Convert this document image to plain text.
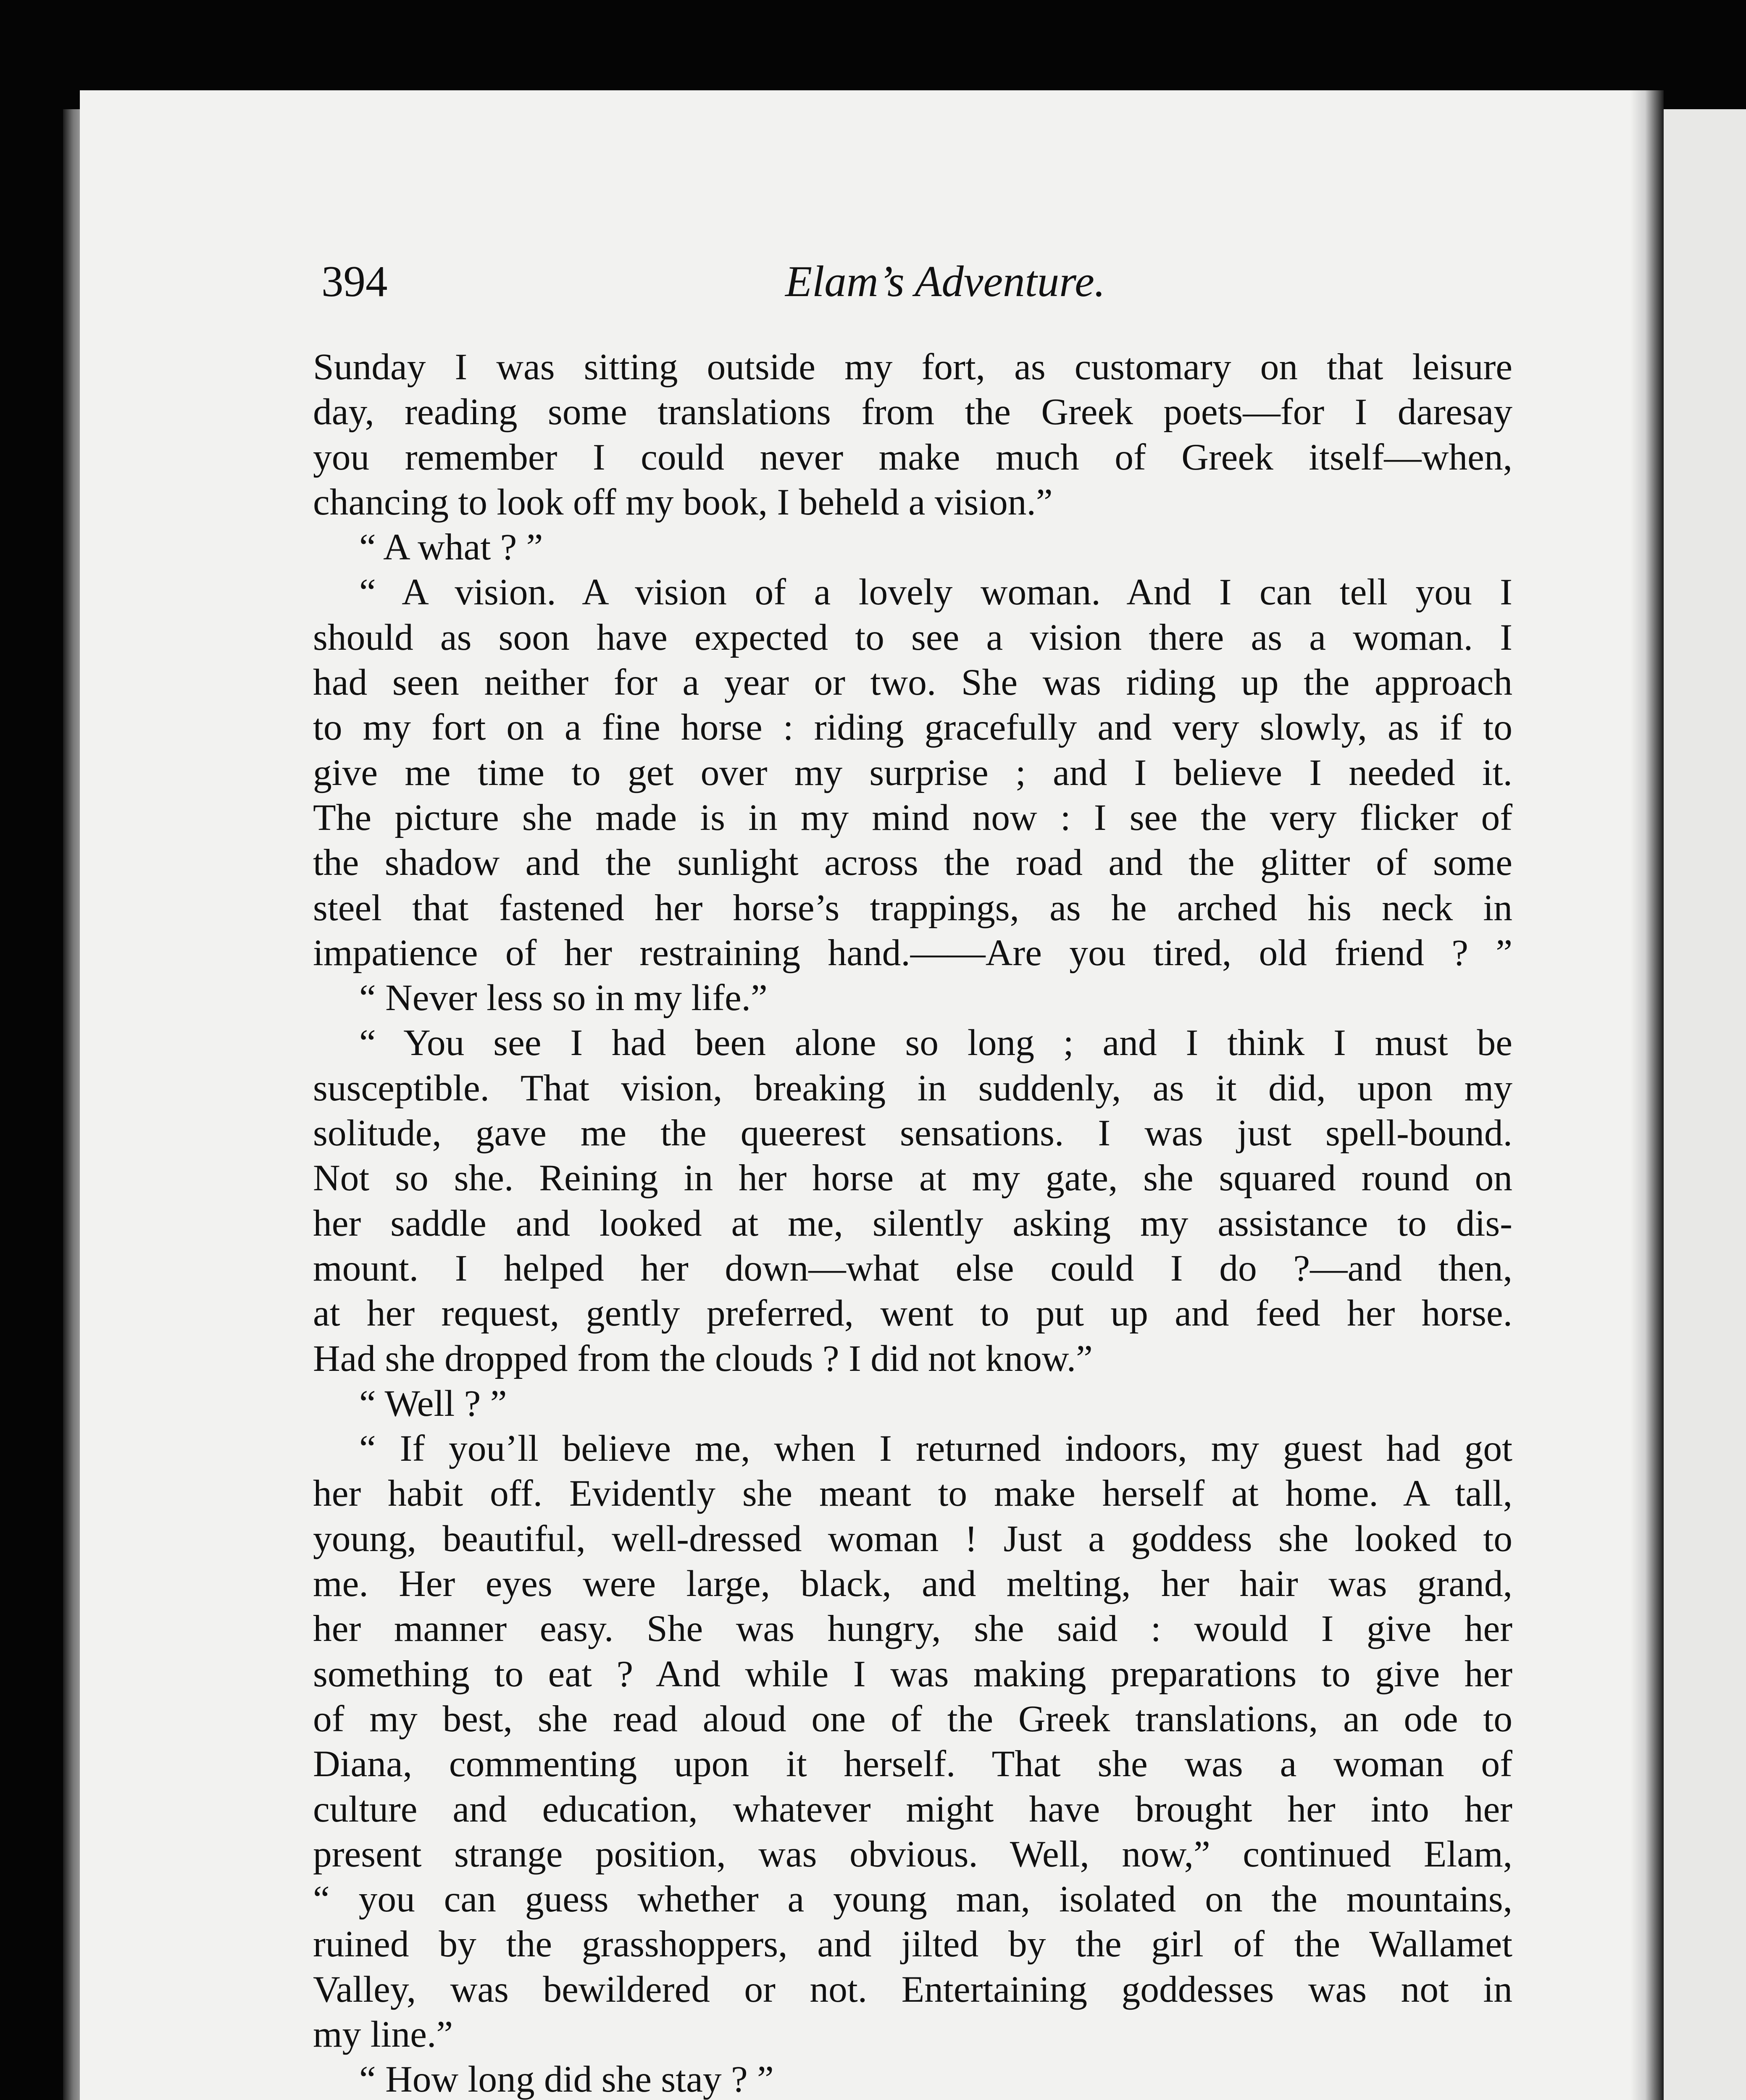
394	Elam’s Adventure.
Sunday I was sitting outside my fort, as customary on that leisure
day, reading some translations from the Greek poets—for I daresay
you remember I could never make much of Greek itself—when,
chancing to look off my book, I beheld a vision.”
“ A what ? ”
“ A vision. A vision of a lovely woman. And I can tell you I
should as soon have expected to see a vision there as a woman. I
had seen neither for a year or two. She was riding up the approach
to my fort on a fine horse : riding gracefully and very slowly, as if to
give me time to get over my surprise ; and I believe I needed it.
The picture she made is in my mind now : I see the very flicker of
the shadow and the sunlight across the road and the glitter of some
steel that fastened her horse’s trappings, as he arched his neck in
impatience of her restraining hand.——Are you tired, old friend ? ”
“ Never less so in my life.”
“ You see I had been alone so long ; and I think I must be
susceptible. That vision, breaking in suddenly, as it did, upon my
solitude, gave me the queerest sensations. I was just spell-bound.
Not so she. Reining in her horse at my gate, she squared round on
her saddle and looked at me, silently asking my assistance to dis-
mount. I helped her down—what else could I do ?—and then,
at her request, gently preferred, went to put up and feed her horse.
Had she dropped from the clouds ? I did not know.”
“ Well ? ”
“ If you’ll believe me, when I returned indoors, my guest had got
her habit off. Evidently she meant to make herself at home. A tall,
young, beautiful, well-dressed woman ! Just a goddess she looked to
me. Her eyes were large, black, and melting, her hair was grand,
her manner easy. She was hungry, she said : would I give her
something to eat ? And while I was making preparations to give her
of my best, she read aloud one of the Greek translations, an ode to
Diana, commenting upon it herself. That she was a woman of
culture and education, whatever might have brought her into her
present strange position, was obvious. Well, now,” continued Elam,
“ you can guess whether a young man, isolated on the mountains,
ruined by the grasshoppers, and jilted by the girl of the Wallamet
Valley, was bewildered or not. Entertaining goddesses was not in
my line.”
“ How long did she stay ? ”
